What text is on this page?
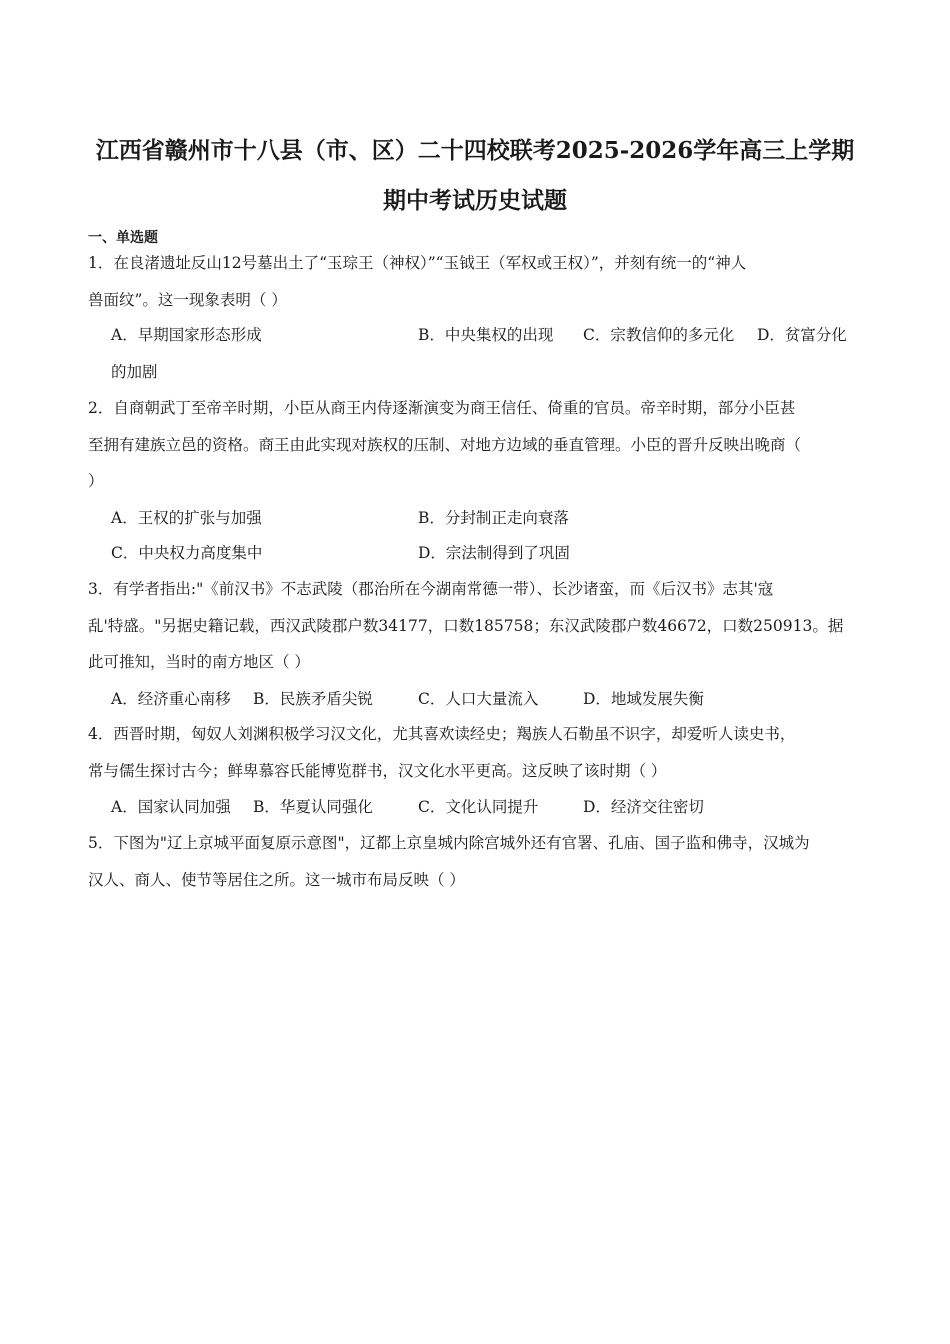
江西省赣州市十八县（市、区）二十四校联考2025-2026学年高三上学期
期中考试历史试题
一、单选题
1．在良渚遗址反山12号墓出土了“玉琮王（神权）”“玉钺王（军权或王权）”，并刻有统一的“神人
兽面纹”。这一现象表明（ ）
A．早期国家形态形成	B．中央集权的出现 C．宗教信仰的多元化 D．贫富分化
的加剧
2．自商朝武丁至帝辛时期，小臣从商王内侍逐渐演变为商王信任、倚重的官员。帝辛时期，部分小臣甚
至拥有建族立邑的资格。商王由此实现对族权的压制、对地方边域的垂直管理。小臣的晋升反映出晚商（
）
A．王权的扩张与加强	B．分封制正走向衰落
C．中央权力高度集中	D．宗法制得到了巩固
3．有学者指出:"《前汉书》不志武陵（郡治所在今湖南常德一带）、长沙诸蛮，而《后汉书》志其'寇
乱'特盛。"另据史籍记载，西汉武陵郡户数34177，口数185758；东汉武陵郡户数46672，口数250913。据
此可推知，当时的南方地区（ ）
A．经济重心南移 B．民族矛盾尖锐	C．人口大量流入	D．地域发展失衡
4．西晋时期，匈奴人刘渊积极学习汉文化，尤其喜欢读经史；羯族人石勒虽不识字，却爱听人读史书，
常与儒生探讨古今；鲜卑慕容氏能博览群书，汉文化水平更高。这反映了该时期（ ）
A．国家认同加强 B．华夏认同强化	C．文化认同提升	D．经济交往密切
5．下图为"辽上京城平面复原示意图"，辽都上京皇城内除宫城外还有官署、孔庙、国子监和佛寺，汉城为
汉人、商人、使节等居住之所。这一城市布局反映（ ）
